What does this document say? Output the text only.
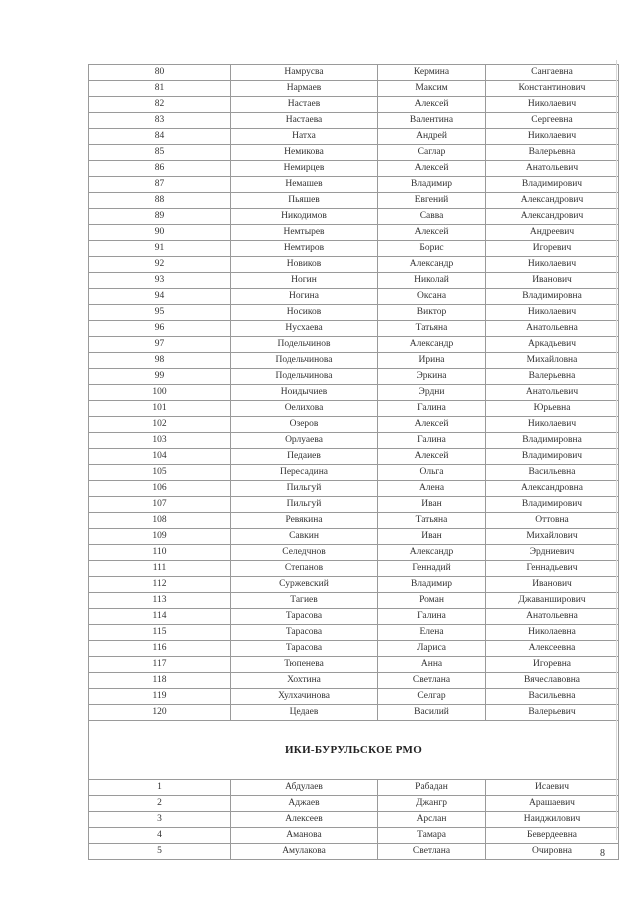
80	Намрусва	Кермина	Сангаевна
81	Нармаев	Максим	Константинович
82	Настаев	Алексей	Николаевич
83	Настаева	Валентина	Сергеевна
84	Натха	Андрей	Николаевич
85	Немикова	Саглар	Валерьевна
86	Немирцев	Алексей	Анатольевич
87	Немашев	Владимир	Владимирович
88	Пьяшев	Евгений	Александрович
89	Никодимов	Савва	Александрович
90	Немтырев	Алексей	Андреевич
91	Немтиров	Борис	Игоревич
92	Новиков	Александр	Николаевич
93	Ногин	Николай	Иванович
94	Ногина	Оксана	Владимировна
95	Носиков	Виктор	Николаевич
96	Нусхаева	Татьяна	Анатольевна
97	Подельчинов	Александр	Аркадьевич
98	Подельчинова	Ирина	Михайловна
99	Подельчинова	Эркина	Валерьевна
100	Ноидычиев	Эрдни	Анатольевич
101	Оелихова	Галина	Юрьевна
102	Озеров	Алексей	Николаевич
103	Орлуаева	Галина	Владимировна
104	Педаиев	Алексей	Владимирович
105	Пересадина	Ольга	Васильевна
106	Пильгуй	Алена	Александровна
107	Пильгуй	Иван	Владимирович
108	Ревякина	Татьяна	Оттовна
109	Савкин	Иван	Михайлович
110	Селедчнов	Александр	Эрдниевич
111	Степанов	Геннадий	Геннадьевич
112	Суржевский	Владимир	Иванович
113	Тагиев	Роман	Джаванширович
114	Тарасова	Галина	Анатольевна
115	Тарасова	Елена	Николаевна
116	Тарасова	Лариса	Алексеевна
117	Тюпенева	Анна	Игоревна
118	Хохтина	Светлана	Вячеславовна
119	Хулхачинова	Селгар	Васильевна
120	Цедаев	Василий	Валерьевич
ИКИ-БУРУЛЬСКОЕ РМО			
1	Абдулаев	Рабадан	Исаевич
2	Аджаев	Джангр	Арашаевич
3	Алексеев	Арслан	Наиджилович
4	Аманова	Тамара	Бевердеевна
5	Амулакова	Светлана	Очировна	8
